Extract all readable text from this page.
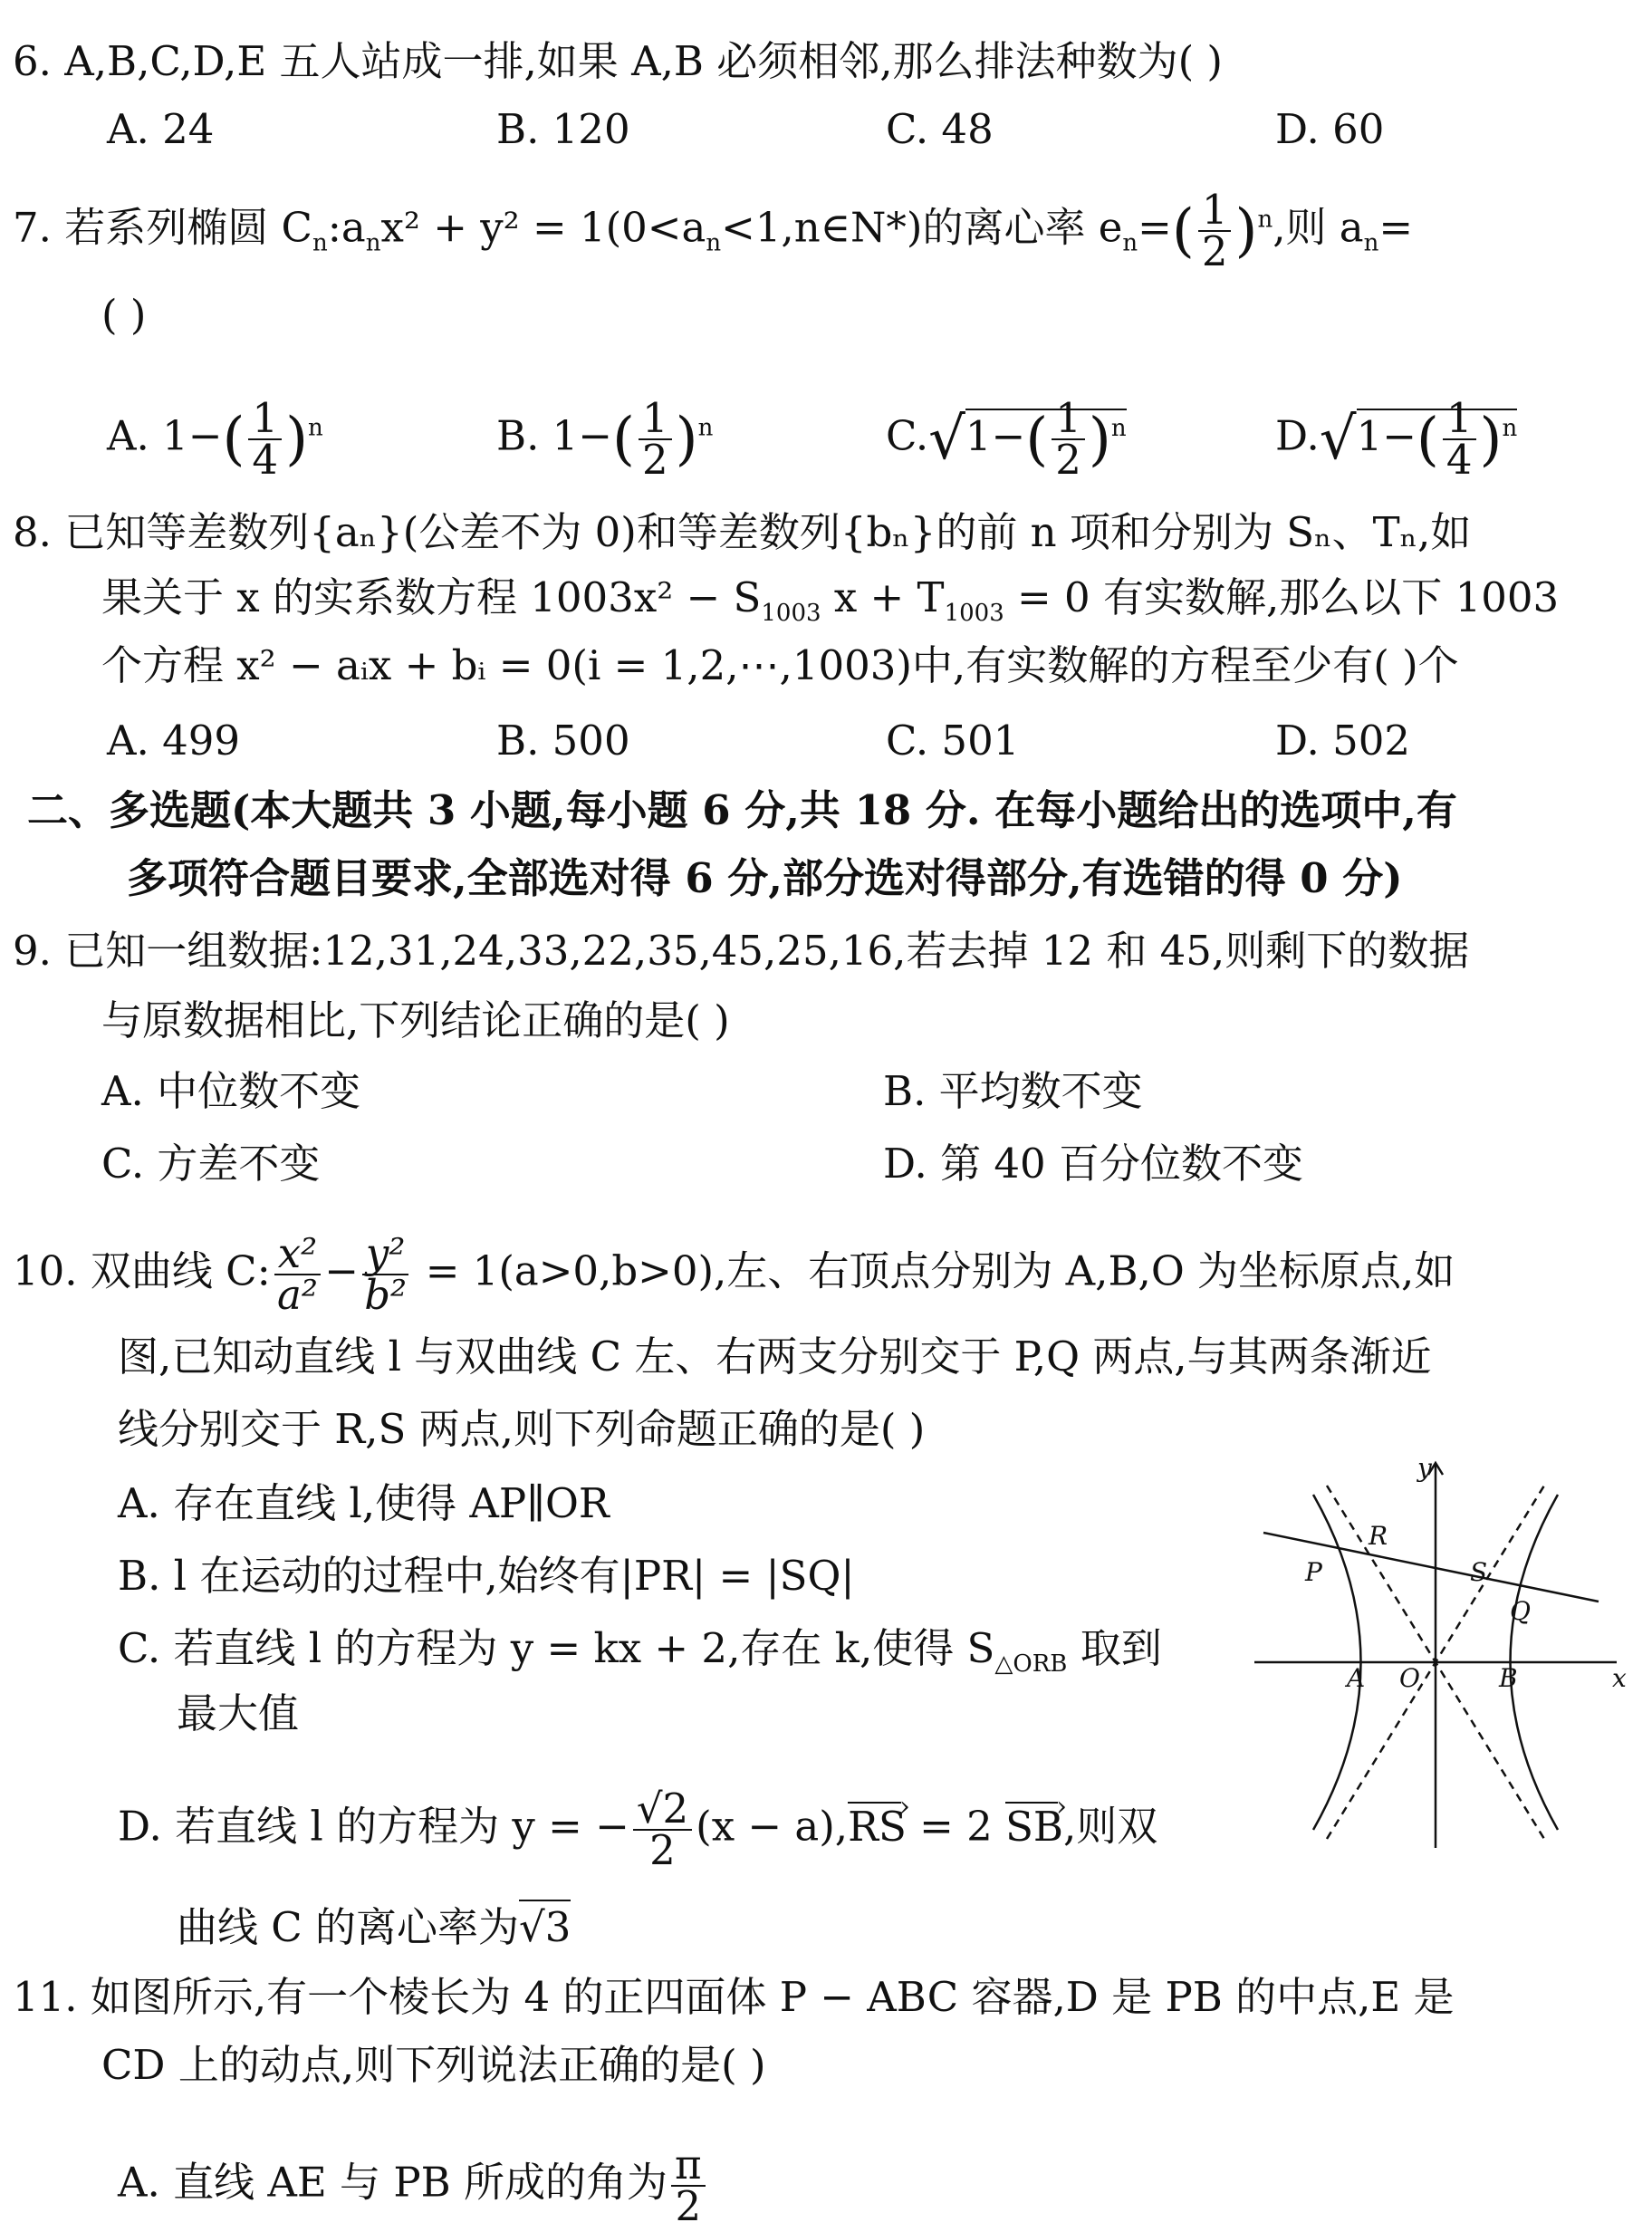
6. A,B,C,D,E 五人站成一排,如果 A,B 必须相邻,那么排法种数为( )
A. 24	B. 120	C. 48	D. 60
7. 若系列椭圆 $C_n:a_nx^2 + y^2$ = $1(0<a_n<1,n\in N*)$的离心率 $e_n=( \frac{1}{2} )^n$,则 $a_n=$
( )
A. $1-( \frac{1}{4} )^n$	B. $1-( \frac{1}{2} )^n$	$C.√1-( \frac{1}{2} )^n$	$D.√1-( \frac{1}{4} )^n$
8. 已知等差数列{aₙ}(公差不为 0)和等差数列{bₙ}的前 n 项和分别为 Sₙ、Tₙ,如
果关于 x 的实系数方程 $1003x^2 - S_{1003}$ $x + T_{1003} = 0$ 有实数解,那么以下 1003
个方程 x² − aᵢx + bᵢ = 0(i = 1,2,⋯,1003)中,有实数解的方程至少有( )个
A. 499	B. 500	C. 501	D. 502
二、多选题(本大题共 3 小题,每小题 6 分,共 18 分. 在每小题给出的选项中,有
多项符合题目要求,全部选对得 6 分,部分选对得部分,有选错的得 0 分)
9. 已知一组数据:12,31,24,33,22,35,45,25,16,若去掉 12 和 45,则剩下的数据
与原数据相比,下列结论正确的是( )
A. 中位数不变	B. 平均数不变
C. 方差不变	D. 第 40 百分位数不变
10. 双曲线 C: $\frac{\text{x²}}{\text{a²}} - \frac{\text{y²}}{\text{b²}} = 1(a>0,b>0)$,左、右顶点分别为 A,B,O 为坐标原点,如
图,已知动直线 l 与双曲线 C 左、右两支分别交于 P,Q 两点,与其两条渐近
线分别交于 R,S 两点,则下列命题正确的是( )
A. 存在直线 l,使得 AP∥OR
B. l 在运动的过程中,始终有|PR| = |SQ|
C. 若直线 l 的方程为 y = kx + 2,存在 k,使得 $S_{\triangle ORB}$ 取到
最大值
D. 若直线 l 的方程为 y = − $\frac{√2}{2} (x - a),RS$ › = 2 SB ›,则双
曲线 C 的离心率为√3
y
x
R
P	S
Q
A O	B
11. 如图所示,有一个棱长为 4 的正四面体 P − ABC 容器,D 是 PB 的中点,E 是
CD 上的动点,则下列说法正确的是( )
A. 直线 AE 与 PB 所成的角为 $\frac{\pi}{2}$
